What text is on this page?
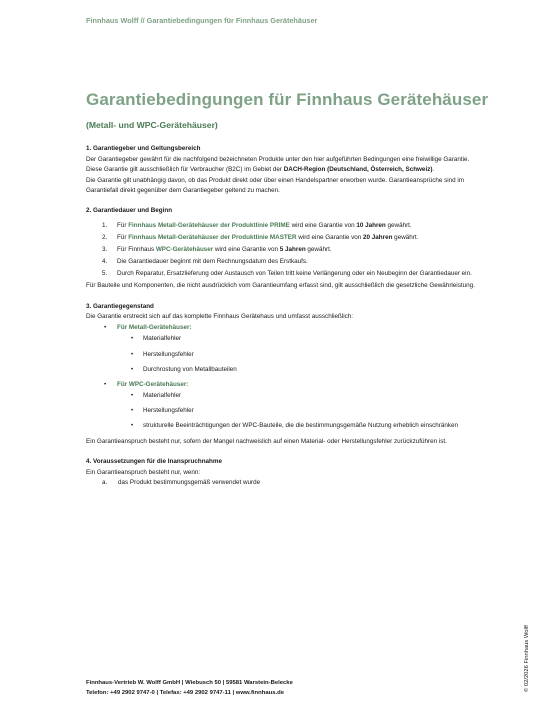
Finnhaus Wolff // Garantiebedingungen für Finnhaus Gerätehäuser
Garantiebedingungen für Finnhaus Gerätehäuser
(Metall- und WPC-Gerätehäuser)
1. Garantiegeber und Geltungsbereich

Der Garantiegeber gewährt für die nachfolgend bezeichneten Produkte unter den hier aufgeführten Bedingungen eine freiwillige Garantie.

Diese Garantie gilt ausschließlich für Verbraucher (B2C) im Gebiet der DACH-Region (Deutschland, Österreich, Schweiz).

Die Garantie gilt unabhängig davon, ob das Produkt direkt oder über einen Handelspartner erworben wurde. Garantieansprüche sind im Garantiefall direkt gegenüber dem Garantiegeber geltend zu machen.

2. Garantiedauer und Beginn
1. Für Finnhaus Metall-Gerätehäuser der Produktlinie PRIME wird eine Garantie von 10 Jahren gewährt.
2. Für Finnhaus Metall-Gerätehäuser der Produktlinie MASTER wird eine Garantie von 20 Jahren gewährt.
3. Für Finnhaus WPC-Gerätehäuser wird eine Garantie von 5 Jahren gewährt.
4. Die Garantiedauer beginnt mit dem Rechnungsdatum des Erstkaufs.
5. Durch Reparatur, Ersatzlieferung oder Austausch von Teilen tritt keine Verlängerung oder ein Neubeginn der Garantiedauer ein.

Für Bauteile und Komponenten, die nicht ausdrücklich vom Garantieumfang erfasst sind, gilt ausschließlich die gesetzliche Gewährleistung.

3. Garantiegegenstand

Die Garantie erstreckt sich auf das komplette Finnhaus Gerätehaus und umfasst ausschließlich:

• Für Metall-Gerätehäuser:
• Materialfehler
• Herstellungsfehler
• Durchrostung von Metallbauteilen
• Für WPC-Gerätehäuser:
• Materialfehler
• Herstellungsfehler
• strukturelle Beeinträchtigungen der WPC-Bauteile, die die bestimmungsgemäße Nutzung erheblich einschränken

Ein Garantieanspruch besteht nur, sofern der Mangel nachweislich auf einen Material- oder Herstellungsfehler zurückzuführen ist.

4. Voraussetzungen für die Inanspruchnahme

Ein Garantieanspruch besteht nur, wenn:

a. das Produkt bestimmungsgemäß verwendet wurde
Finnhaus-Vertrieb W. Wolff GmbH | Wiebusch 50 | 59581 Warstein-Belecke
Telefon: +49 2902 9747-0 | Telefax: +49 2902 9747-11 | www.finnhaus.de
© 02/2026 Finnhaus Wolff
